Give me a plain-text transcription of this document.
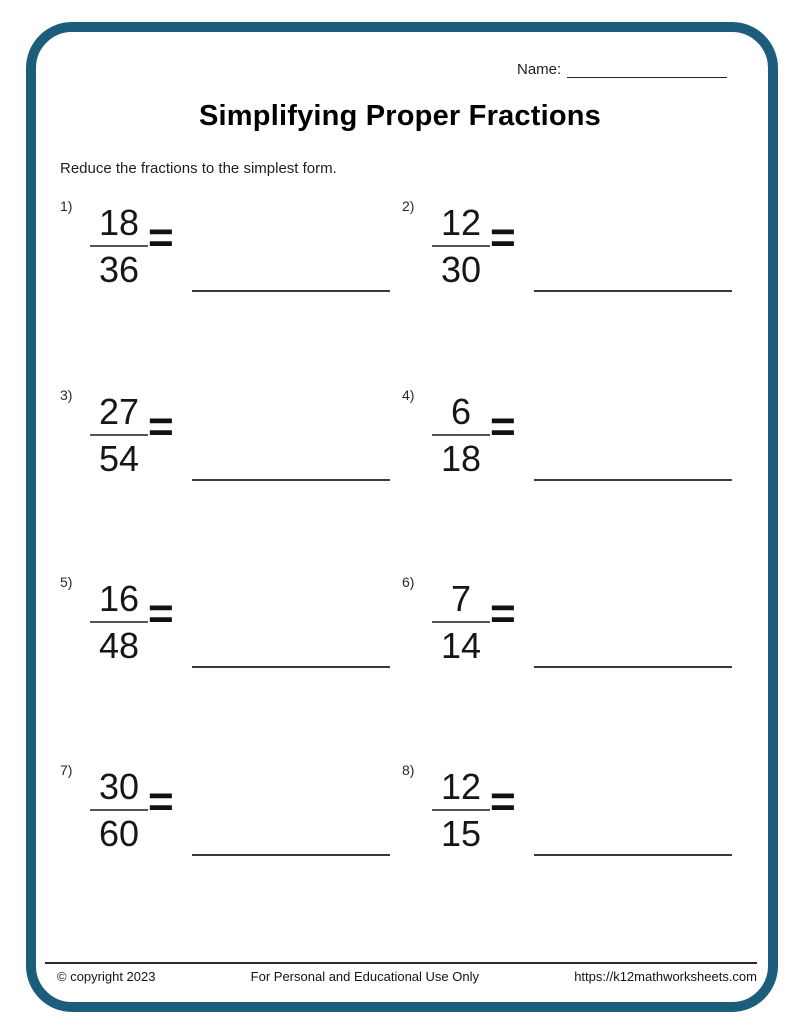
Name:
Simplifying Proper Fractions
Reduce the fractions to the simplest form.
1) 18
36
=
2) 12
30
=
3) 27
54
=
4) 6
18
=
5) 16
48
=
6) 7
14
=
7) 30
60
=
8) 12
15
=
© copyright 2023	For Personal and Educational Use Only	https://k12mathworksheets.com
